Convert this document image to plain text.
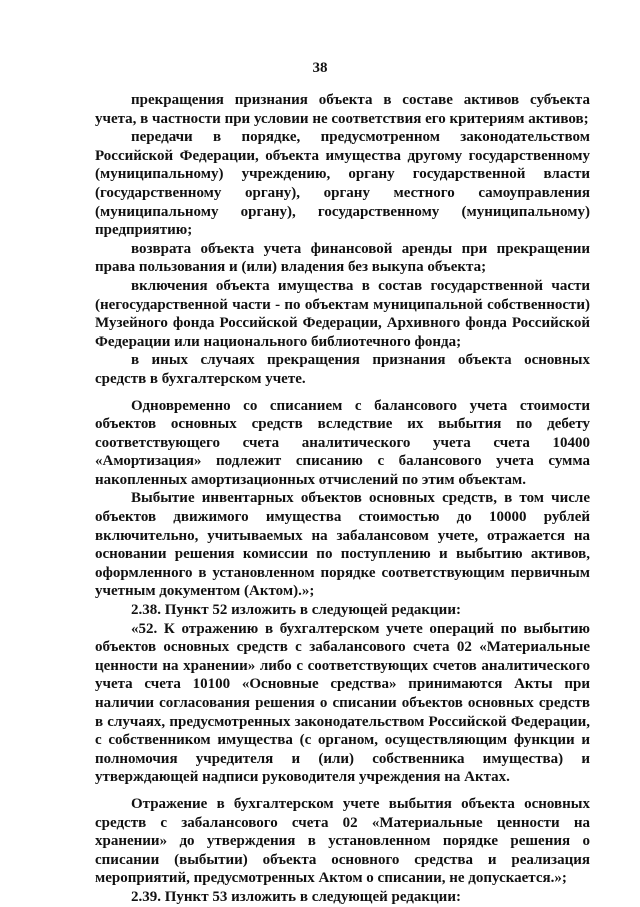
38

прекращения признания объекта в составе активов субъекта учета, в частности при условии не соответствия его критериям активов;

передачи в порядке, предусмотренном законодательством Российской Федерации, объекта имущества другому государственному (муниципальному) учреждению, органу государственной власти (государственному органу), органу местного самоуправления (муниципальному органу), государственному (муниципальному) предприятию;

возврата объекта учета финансовой аренды при прекращении права пользования и (или) владения без выкупа объекта;

включения объекта имущества в состав государственной части (негосударственной части - по объектам муниципальной собственности) Музейного фонда Российской Федерации, Архивного фонда Российской Федерации или национального библиотечного фонда;

в иных случаях прекращения признания объекта основных средств в бухгалтерском учете.

Одновременно со списанием с балансового учета стоимости объектов основных средств вследствие их выбытия по дебету соответствующего счета аналитического учета счета 10400 «Амортизация» подлежит списанию с балансового учета сумма накопленных амортизационных отчислений по этим объектам.

Выбытие инвентарных объектов основных средств, в том числе объектов движимого имущества стоимостью до 10000 рублей включительно, учитываемых на забалансовом учете, отражается на основании решения комиссии по поступлению и выбытию активов, оформленного в установленном порядке соответствующим первичным учетным документом (Актом).»;

2.38. Пункт 52 изложить в следующей редакции:

«52. К отражению в бухгалтерском учете операций по выбытию объектов основных средств с забалансового счета 02 «Материальные ценности на хранении» либо с соответствующих счетов аналитического учета счета 10100 «Основные средства» принимаются Акты при наличии согласования решения о списании объектов основных средств в случаях, предусмотренных законодательством Российской Федерации, с собственником имущества (с органом, осуществляющим функции и полномочия учредителя и (или) собственника имущества) и утверждающей надписи руководителя учреждения на Актах.

Отражение в бухгалтерском учете выбытия объекта основных средств с забалансового счета 02 «Материальные ценности на хранении» до утверждения в установленном порядке решения о списании (выбытии) объекта основного средства и реализация мероприятий, предусмотренных Актом о списании, не допускается.»;

2.39. Пункт 53 изложить в следующей редакции:
